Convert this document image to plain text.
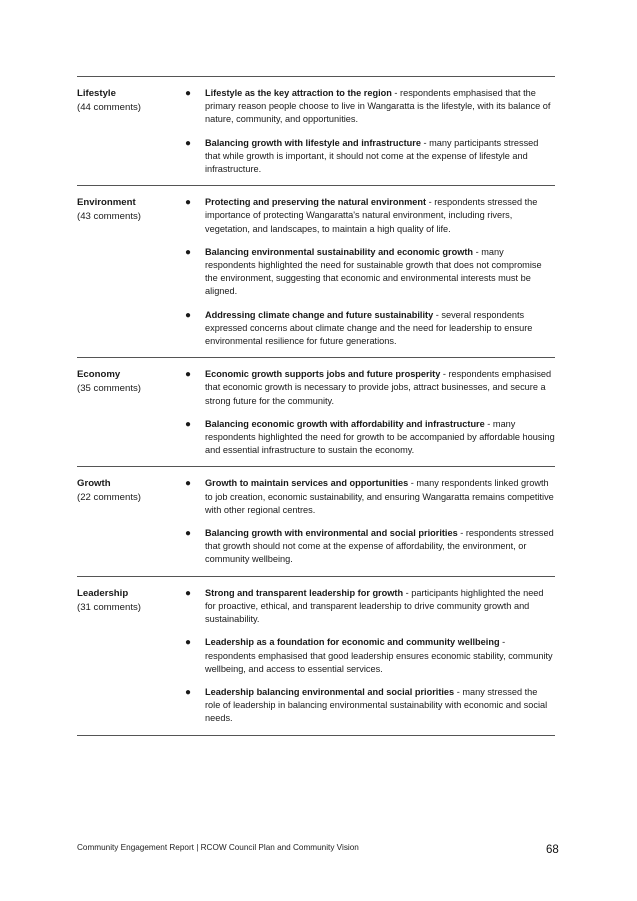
Lifestyle
(44 comments)
● Lifestyle as the key attraction to the region - respondents emphasised that the primary reason people choose to live in Wangaratta is the lifestyle, with its balance of nature, community, and opportunities.
● Balancing growth with lifestyle and infrastructure - many participants stressed that while growth is important, it should not come at the expense of lifestyle and infrastructure.
Environment
(43 comments)
● Protecting and preserving the natural environment - respondents stressed the importance of protecting Wangaratta's natural environment, including rivers, vegetation, and landscapes, to maintain a high quality of life.
● Balancing environmental sustainability and economic growth - many respondents highlighted the need for sustainable growth that does not compromise the environment, suggesting that economic and environmental interests must be aligned.
● Addressing climate change and future sustainability - several respondents expressed concerns about climate change and the need for leadership to ensure environmental resilience for future generations.
Economy
(35 comments)
● Economic growth supports jobs and future prosperity - respondents emphasised that economic growth is necessary to provide jobs, attract businesses, and secure a strong future for the community.
● Balancing economic growth with affordability and infrastructure - many respondents highlighted the need for growth to be accompanied by affordable housing and essential infrastructure to sustain the economy.
Growth
(22 comments)
● Growth to maintain services and opportunities - many respondents linked growth to job creation, economic sustainability, and ensuring Wangaratta remains competitive with other regional centres.
● Balancing growth with environmental and social priorities - respondents stressed that growth should not come at the expense of affordability, the environment, or community wellbeing.
Leadership
(31 comments)
● Strong and transparent leadership for growth - participants highlighted the need for proactive, ethical, and transparent leadership to drive community growth and sustainability.
● Leadership as a foundation for economic and community wellbeing - respondents emphasised that good leadership ensures economic stability, community wellbeing, and access to essential services.
● Leadership balancing environmental and social priorities - many stressed the role of leadership in balancing environmental sustainability with economic and social needs.
Community Engagement Report | RCOW Council Plan and Community Vision	68
